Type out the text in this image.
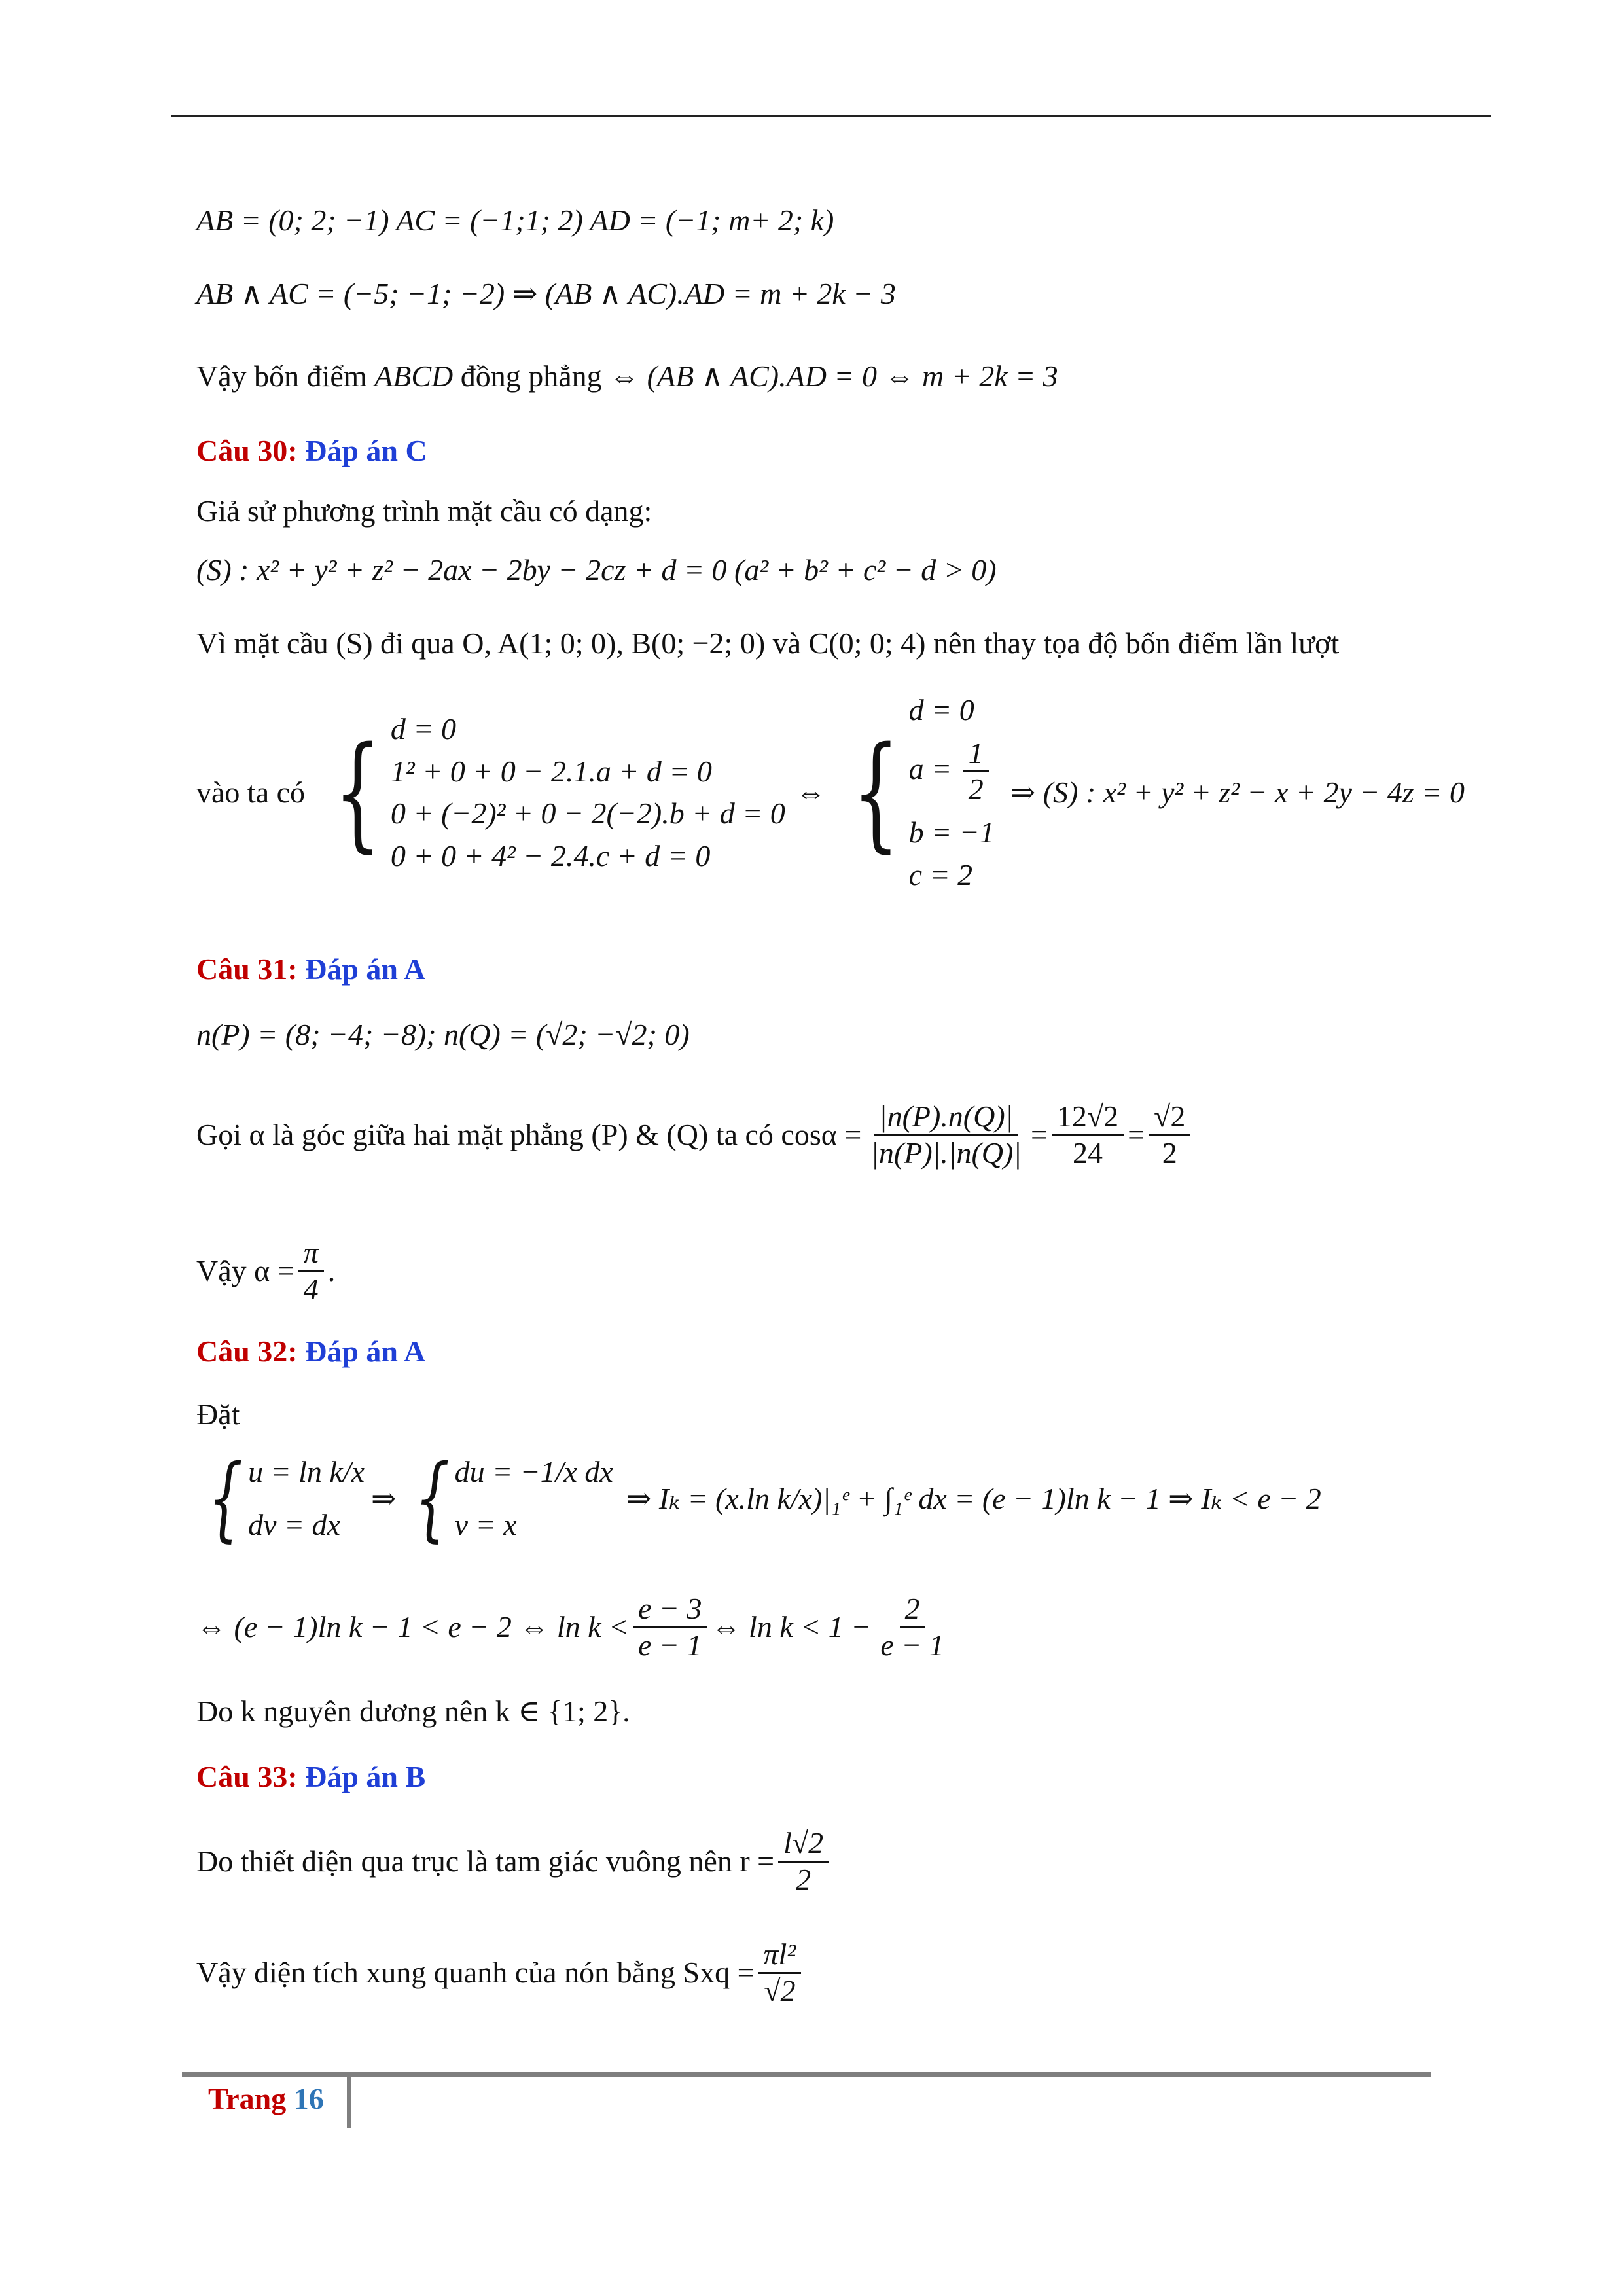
AB = (0; 2; −1) AC = (−1;1; 2) AD = (−1; m+ 2; k)
AB ∧ AC = (−5; −1; −2) ⇒ (AB ∧ AC).AD = m + 2k − 3
Vậy bốn điểm ABCD đồng phẳng ⇔ (AB ∧ AC).AD = 0 ⇔ m + 2k = 3
Câu 30: Đáp án C
Giả sử phương trình mặt cầu có dạng:
(S) : x² + y² + z² − 2ax − 2by − 2cz + d = 0 (a² + b² + c² − d > 0)
Vì mặt cầu (S) đi qua O, A(1; 0; 0), B(0; −2; 0) và C(0; 0; 4) nên thay tọa độ bốn điểm lần lượt
vào ta có { d = 0
1² + 0 + 0 − 2.1.a + d = 0
0 + (−2)² + 0 − 2(−2).b + d = 0
0 + 0 + 4² − 2.4.c + d = 0
⇔ {
d = 0
$a = \frac{1}{2}$
b = −1
c = 2
⇒ (S) : x² + y² + z² − x + 2y − 4z = 0
Câu 31: Đáp án A
n(P) = (8; −4; −8); n(Q) = (√2; −√2; 0)
Gọi α là góc giữa hai mặt phẳng (P) & (Q) ta có $\cos\alpha = \frac{|n(P).n(Q)|}{|n(P)|.|n(Q)|} = \frac{12√2}{24} = \frac{√2}{2}$
Vậy $\alpha = \frac{\pi}{4}$ .
Câu 32: Đáp án A
Đặt
{ u = ln k/x
dv = dx
⇒ { du = −1/x dx
v = x
⇒ Iₖ = (x.ln k/x)|₁ᵉ + ∫₁ᵉ dx = (e − 1)ln k − 1 ⇒ Iₖ < e − 2
⇔ (e − 1)ln k − 1 < e − 2 ⇔ $\ln k < \frac{e - 3}{e - 1}$ ⇔ $\ln k < 1 - \frac{2}{e - 1}$
Do k nguyên dương nên k ∈ {1; 2}.
Câu 33: Đáp án B
Do thiết diện qua trục là tam giác vuông nên $r = \frac{l√2}{2}$
Vậy diện tích xung quanh của nón bằng Sxq = $\frac{\text{πl²}}{√2}$
Trang 16
